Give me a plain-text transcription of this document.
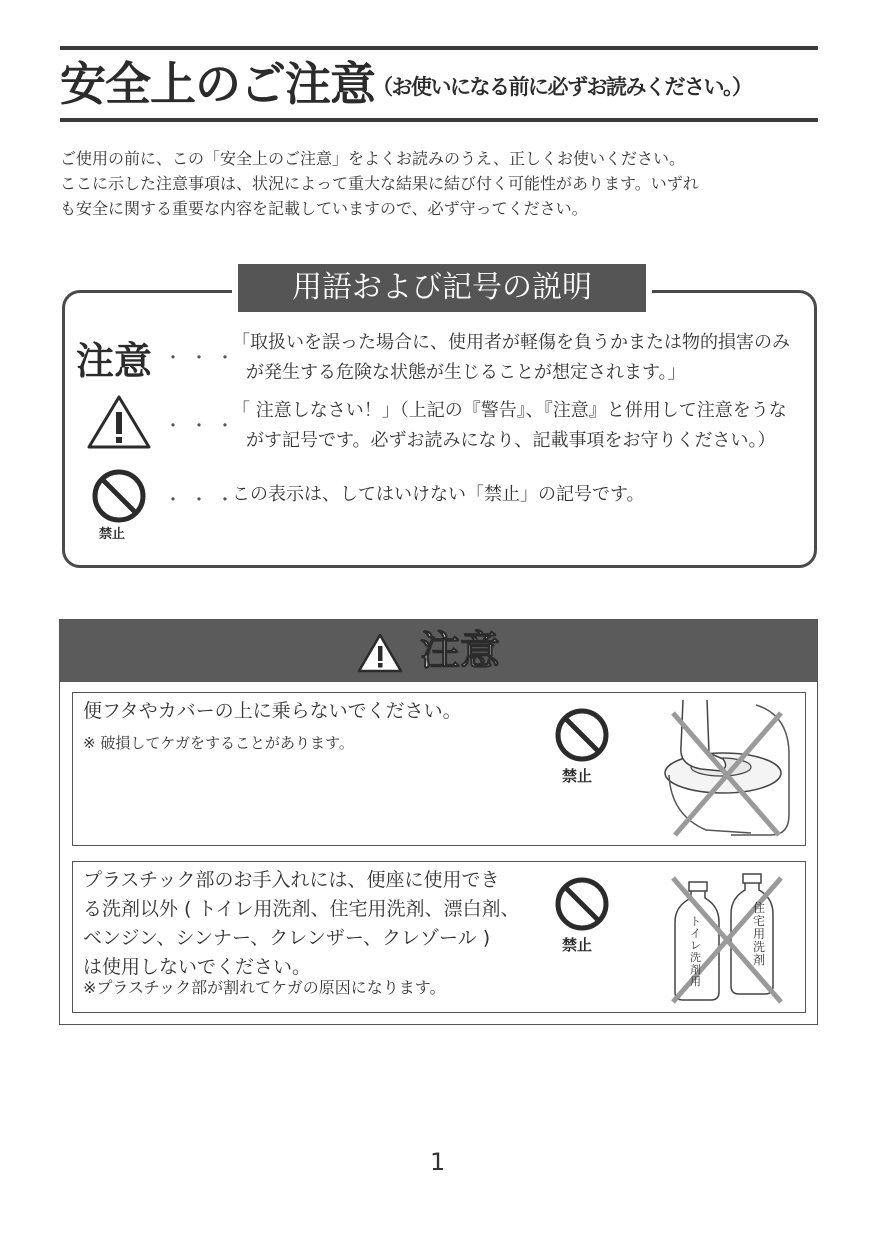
安全上のご注意
（お使いになる前に必ずお読みください。）

ご使用の前に、この「安全上のご注意」をよくお読みのうえ、正しくお使いください。

ここに示した注意事項は、状況によって重大な結果に結び付く可能性があります。いずれ

も安全に関する重要な内容を記載していますので、必ず守ってください。

用語および記号の説明
注意 ・・・
「取扱いを誤った場合に、使用者が軽傷を負うかまたは物的損害のみ
が発生する危険な状態が生じることが想定されます。」
・・・
「 注意しなさい！」（上記の『警告』、『注意』と併用して注意をうな
がす記号です。必ずお読みになり、記載事項をお守りください。）
禁止
・・・
この表示は、してはいけない「禁止」の記号です。
注意
便フタやカバーの上に乗らないでください。
※ 破損してケガをすることがあります。
禁止
プラスチック部のお手入れには、便座に使用でき
る洗剤以外 ( トイレ用洗剤、住宅用洗剤、漂白剤、
ベンジン、シンナー、クレンザー、クレゾール )
は使用しないでください。
※プラスチック部が割れてケガの原因になります。
禁止
ト
イ
レ
洗
剤
用
住
宅
用
洗
剤
1
